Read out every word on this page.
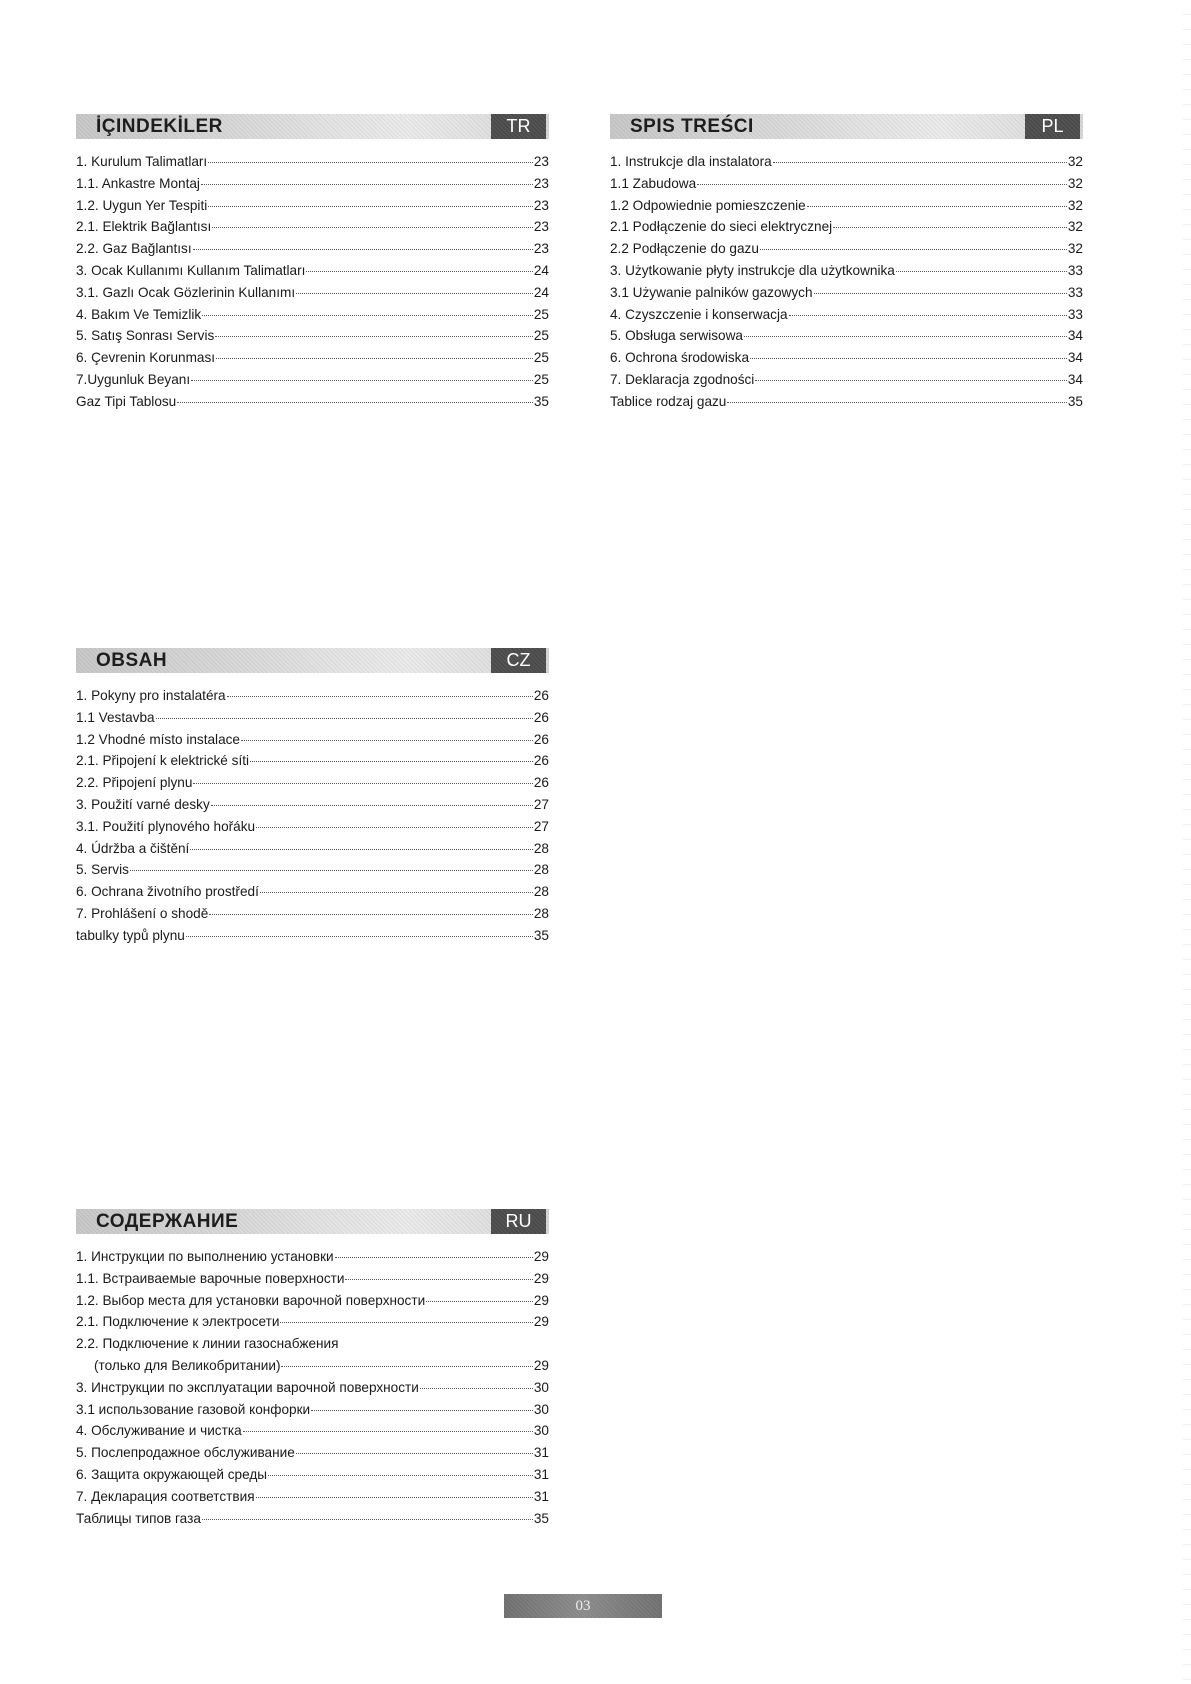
İÇINDEKİLER	TR
1. Kurulum Talimatları	23
1.1. Ankastre Montaj	23
1.2. Uygun Yer Tespiti	23
2.1. Elektrik Bağlantısı	23
2.2. Gaz Bağlantısı	23
3. Ocak Kullanımı Kullanım Talimatları	24
3.1. Gazlı Ocak Gözlerinin Kullanımı	24
4. Bakım Ve Temizlik	25
5. Satış Sonrası Servis	25
6. Çevrenin Korunması	25
7.Uygunluk Beyanı	25
Gaz Tipi Tablosu	35
SPIS TREŚCI	PL
1. Instrukcje dla instalatora	32
1.1 Zabudowa	32
1.2 Odpowiednie pomieszczenie	32
2.1 Podłączenie do sieci elektrycznej	32
2.2 Podłączenie do gazu	32
3. Użytkowanie płyty instrukcje dla użytkownika	33
3.1 Używanie palników gazowych	33
4. Czyszczenie i konserwacja	33
5. Obsługa serwisowa	34
6. Ochrona środowiska	34
7. Deklaracja zgodności	34
Tablice rodzaj gazu	35
OBSAH	CZ
1. Pokyny pro instalatéra	26
1.1 Vestavba	26
1.2 Vhodné místo instalace	26
2.1. Připojení k elektrické síti	26
2.2. Připojení plynu	26
3. Použití varné desky	27
3.1. Použití plynového hořáku	27
4. Údržba a čištění	28
5. Servis	28
6. Ochrana životního prostředí	28
7. Prohlášení o shodě	28
tabulky typů plynu	35
СОДЕРЖАНИЕ	RU
1. Инструкции по выполнению установки	29
1.1. Встраиваемые варочные поверхности	29
1.2. Выбор места для установки варочной поверхности	29
2.1. Подключение к электросети	29
2.2. Подключение к линии газоснабжения
(только для Великобритании)	29
3. Инструкции по эксплуатации варочной поверхности	30
3.1 использование газовой конфорки	30
4. Обслуживание и чистка	30
5. Послепродажное обслуживание	31
6. Защита окружающей среды	31
7. Декларация соответствия	31
Таблицы типов газа	35
03
